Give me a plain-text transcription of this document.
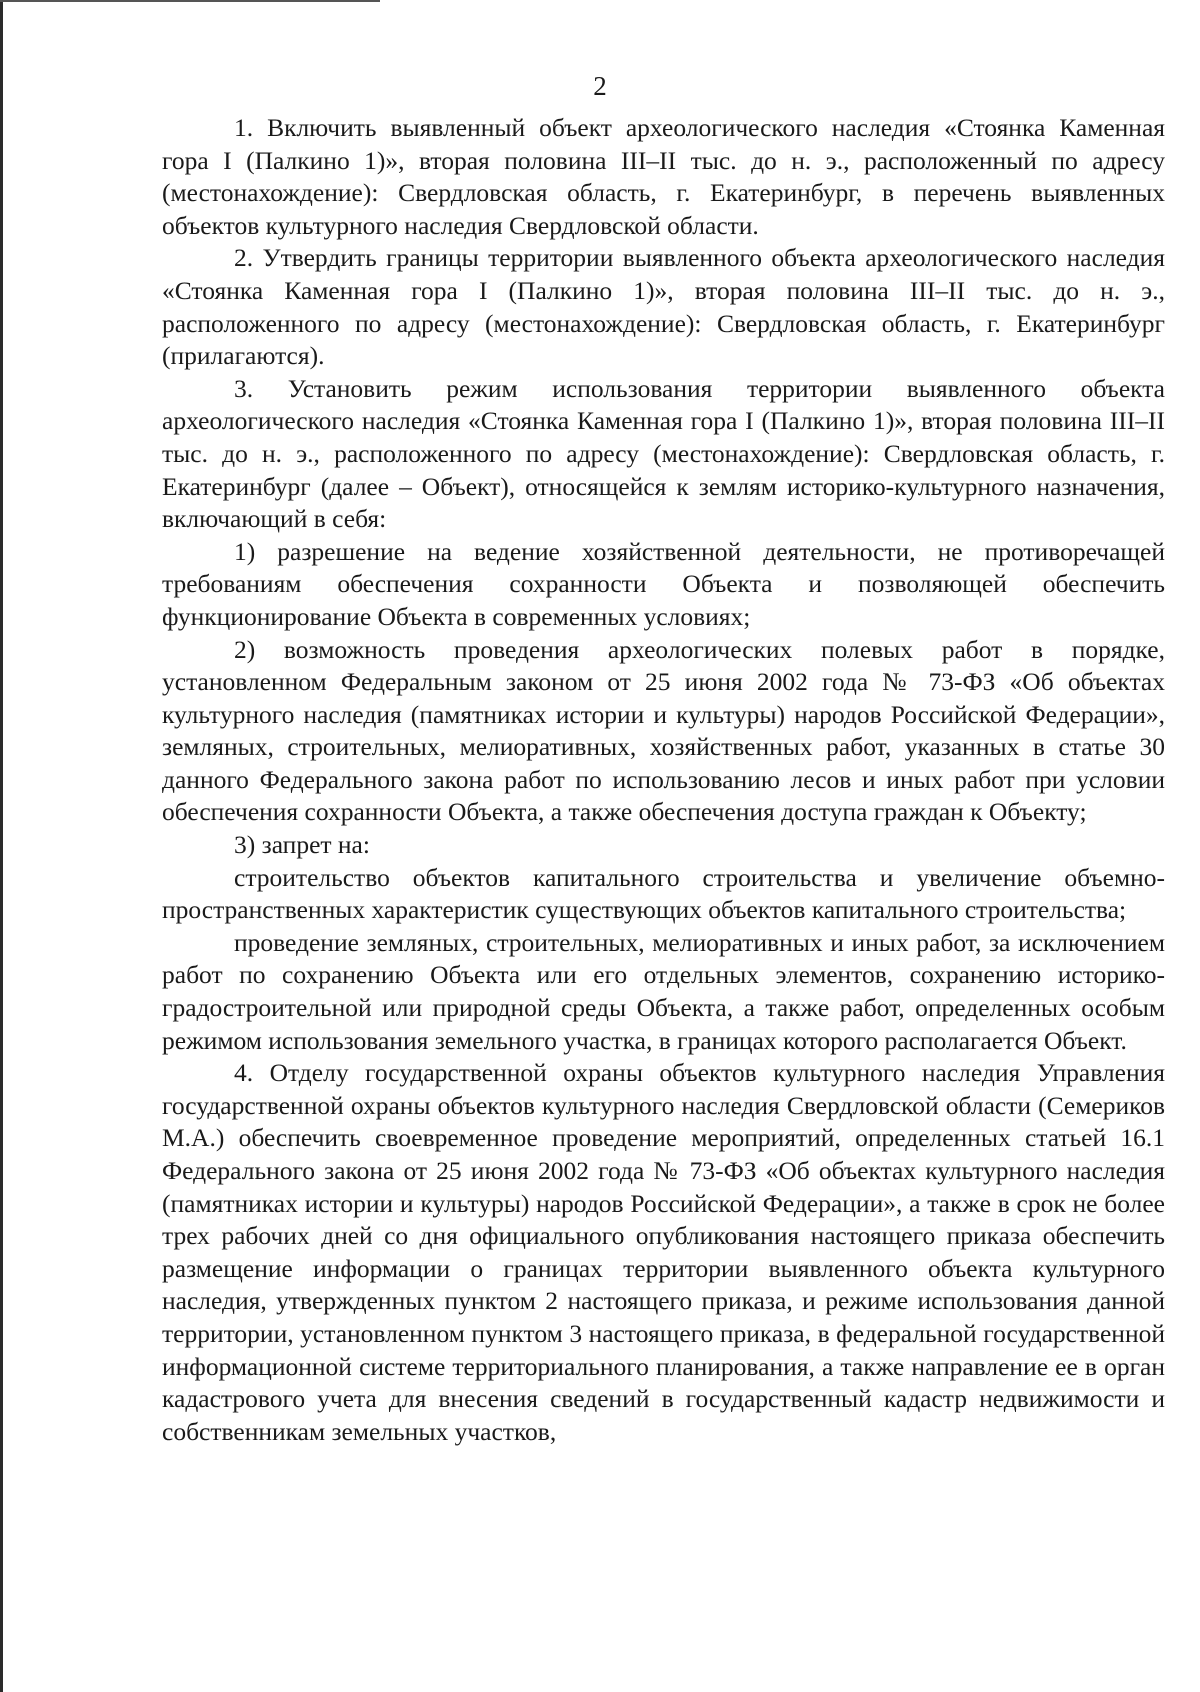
2

1. Включить выявленный объект археологического наследия «Стоянка Каменная гора I (Палкино 1)», вторая половина III–II тыс. до н. э., расположенный по адресу (местонахождение): Свердловская область, г. Екатеринбург, в перечень выявленных объектов культурного наследия Свердловской области.

2. Утвердить границы территории выявленного объекта археологического наследия «Стоянка Каменная гора I (Палкино 1)», вторая половина III–II тыс. до н. э., расположенного по адресу (местонахождение): Свердловская область, г. Екатеринбург (прилагаются).

3. Установить режим использования территории выявленного объекта археологического наследия «Стоянка Каменная гора I (Палкино 1)», вторая половина III–II тыс. до н. э., расположенного по адресу (местонахождение): Свердловская область, г. Екатеринбург (далее – Объект), относящейся к землям историко-культурного назначения, включающий в себя:

1) разрешение на ведение хозяйственной деятельности, не противоречащей требованиям обеспечения сохранности Объекта и позволяющей обеспечить функционирование Объекта в современных условиях;

2) возможность проведения археологических полевых работ в порядке, установленном Федеральным законом от 25 июня 2002 года № 73-ФЗ «Об объектах культурного наследия (памятниках истории и культуры) народов Российской Федерации», земляных, строительных, мелиоративных, хозяйственных работ, указанных в статье 30 данного Федерального закона работ по использованию лесов и иных работ при условии обеспечения сохранности Объекта, а также обеспечения доступа граждан к Объекту;

3) запрет на:

строительство объектов капитального строительства и увеличение объемно-пространственных характеристик существующих объектов капитального строительства;

проведение земляных, строительных, мелиоративных и иных работ, за исключением работ по сохранению Объекта или его отдельных элементов, сохранению историко-градостроительной или природной среды Объекта, а также работ, определенных особым режимом использования земельного участка, в границах которого располагается Объект.

4. Отделу государственной охраны объектов культурного наследия Управления государственной охраны объектов культурного наследия Свердловской области (Семериков М.А.) обеспечить своевременное проведение мероприятий, определенных статьей 16.1 Федерального закона от 25 июня 2002 года № 73-ФЗ «Об объектах культурного наследия (памятниках истории и культуры) народов Российской Федерации», а также в срок не более трех рабочих дней со дня официального опубликования настоящего приказа обеспечить размещение информации о границах территории выявленного объекта культурного наследия, утвержденных пунктом 2 настоящего приказа, и режиме использования данной территории, установленном пунктом 3 настоящего приказа, в федеральной государственной информационной системе территориального планирования, а также направление ее в орган кадастрового учета для внесения сведений в государственный кадастр недвижимости и собственникам земельных участков,
